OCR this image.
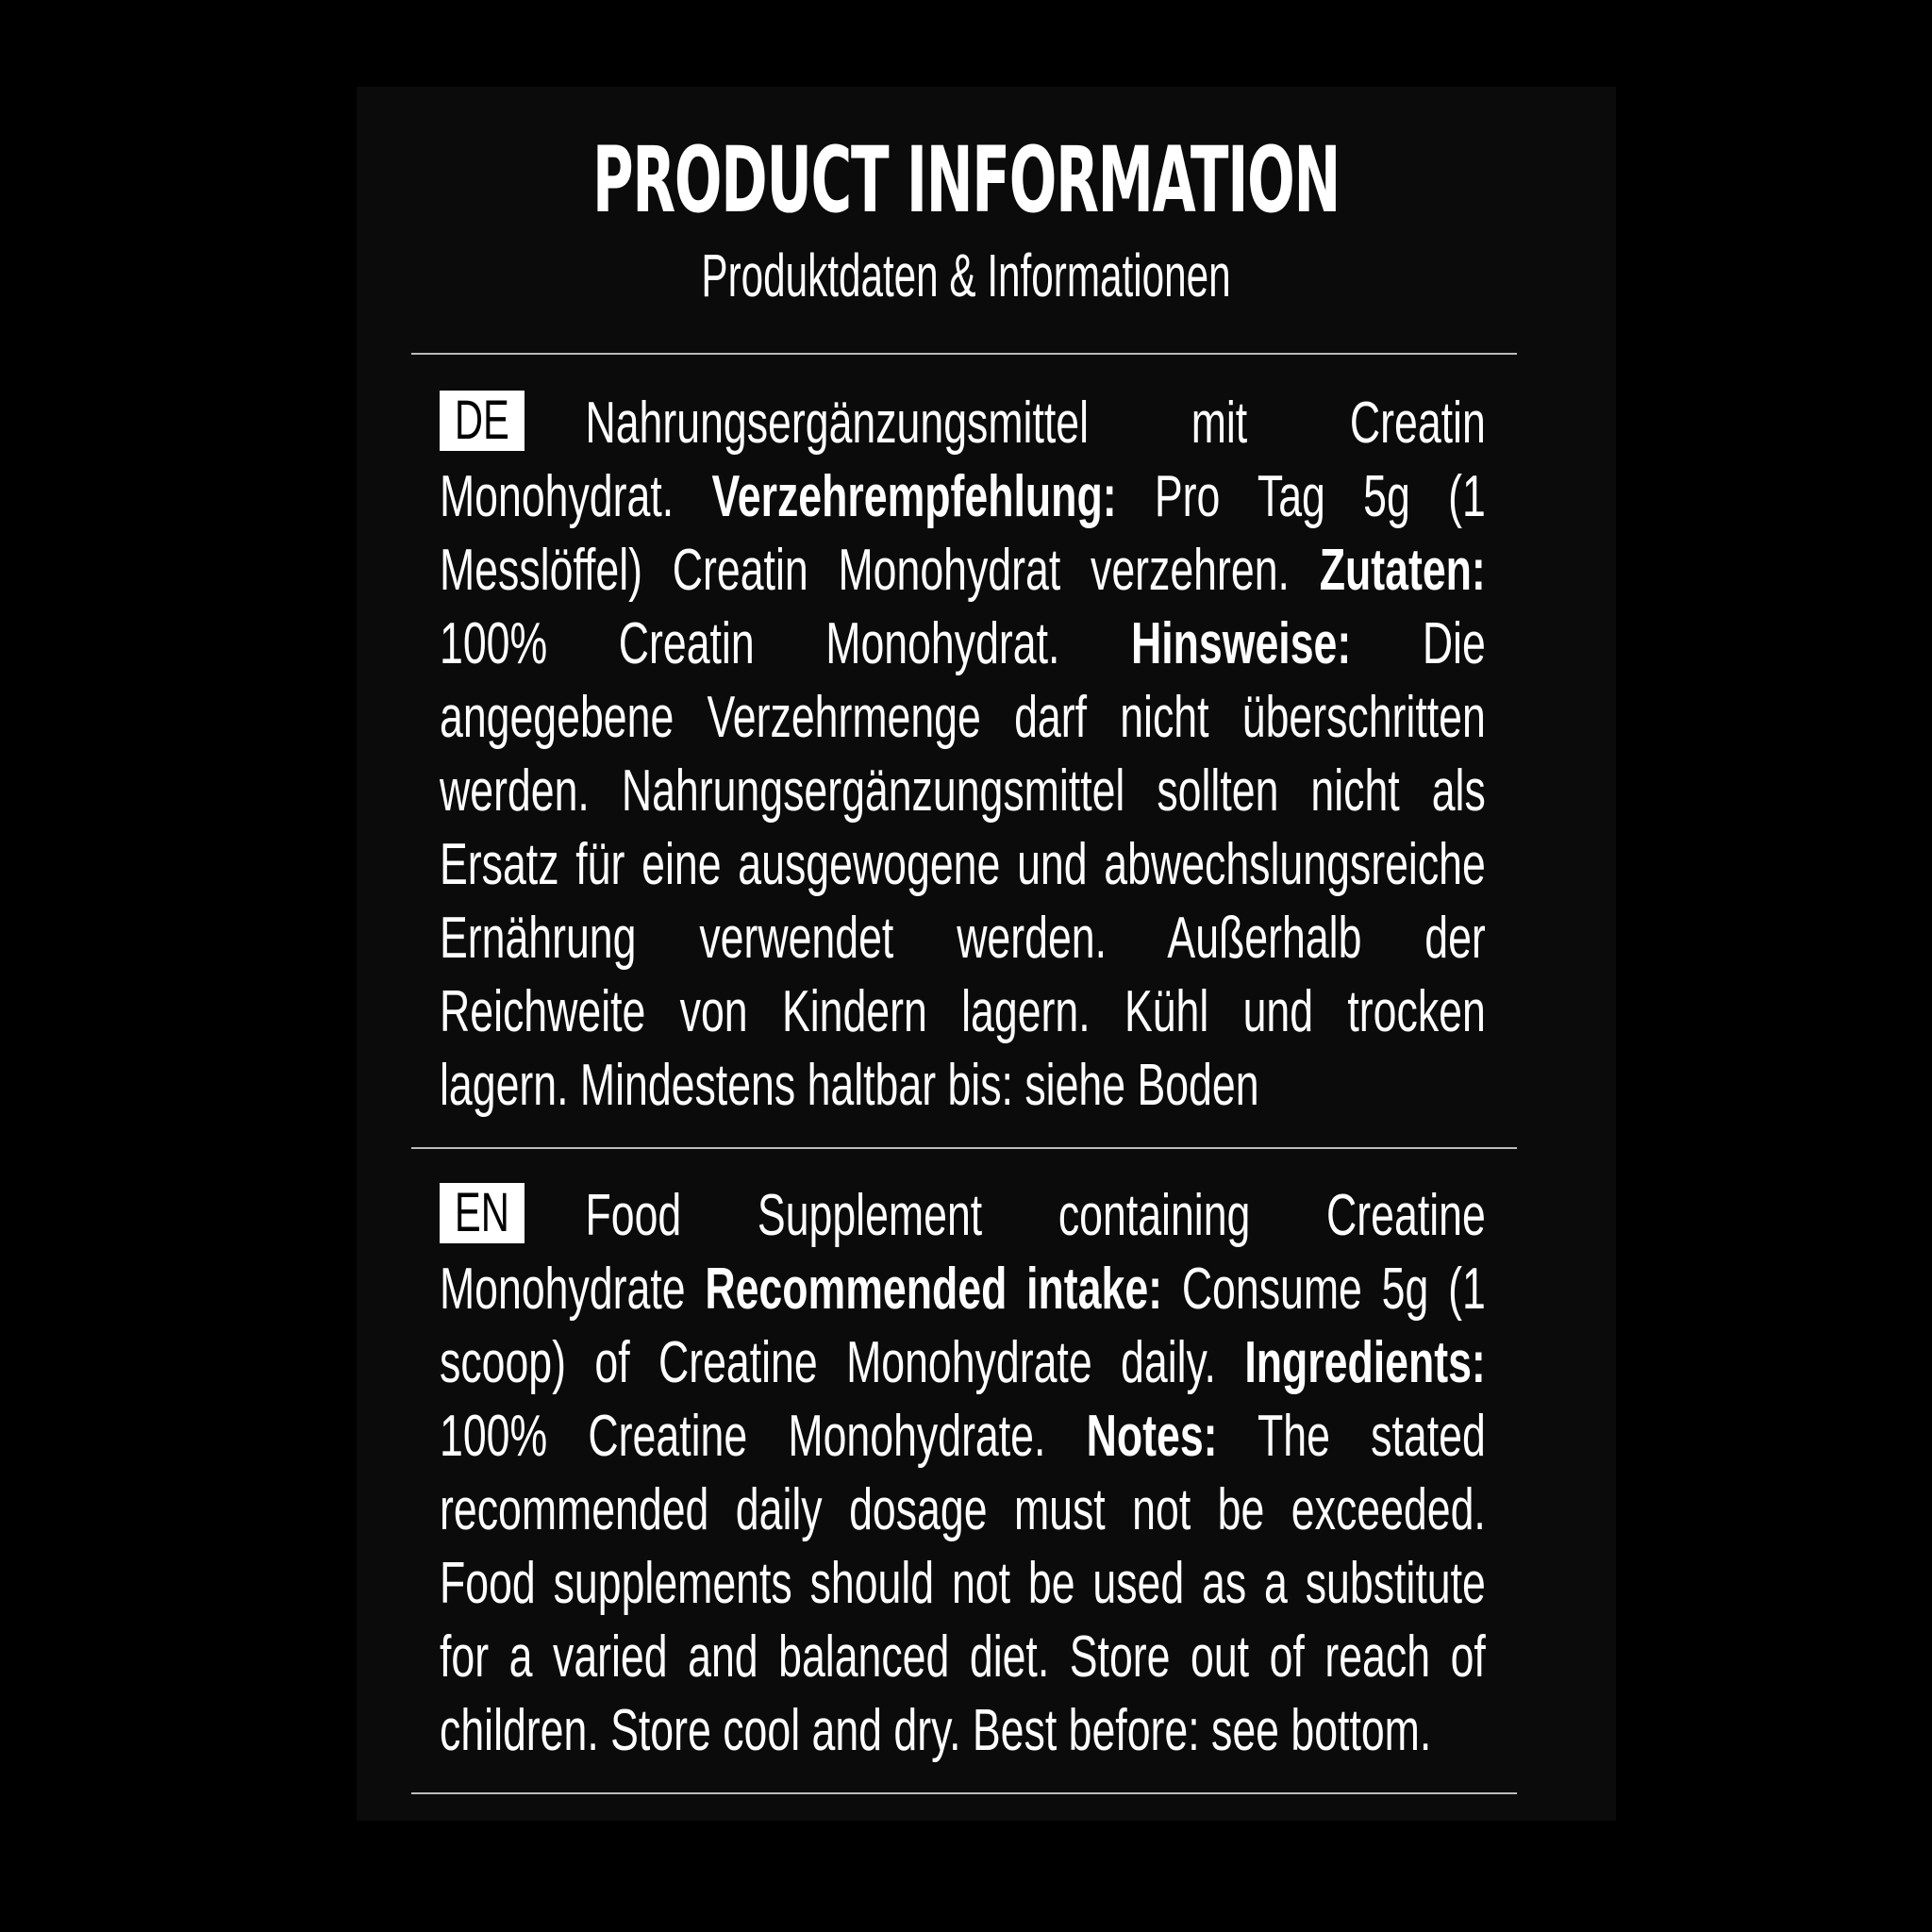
PRODUCT INFORMATION
Produktdaten & Informationen
DE Nahrungsergänzungsmittel mit Creatin Monohydrat. Verzehrempfehlung: Pro Tag 5g (1 Messlöffel) Creatin Monohydrat verzehren. Zutaten: 100% Creatin Monohydrat. Hinsweise: Die angegebene Verzehrmenge darf nicht überschritten werden. Nahrungsergänzungsmittel sollten nicht als Ersatz für eine ausgewogene und abwechslungsreiche Ernährung verwendet werden. Außerhalb der Reichweite von Kindern lagern. Kühl und trocken lagern. Mindestens haltbar bis: siehe Boden
EN Food Supplement containing Creatine Monohydrate Recommended intake: Consume 5g (1 scoop) of Creatine Monohydrate daily. Ingredients: 100% Creatine Monohydrate. Notes: The stated recommended daily dosage must not be exceeded. Food supplements should not be used as a substitute for a varied and balanced diet. Store out of reach of children. Store cool and dry. Best before: see bottom.
